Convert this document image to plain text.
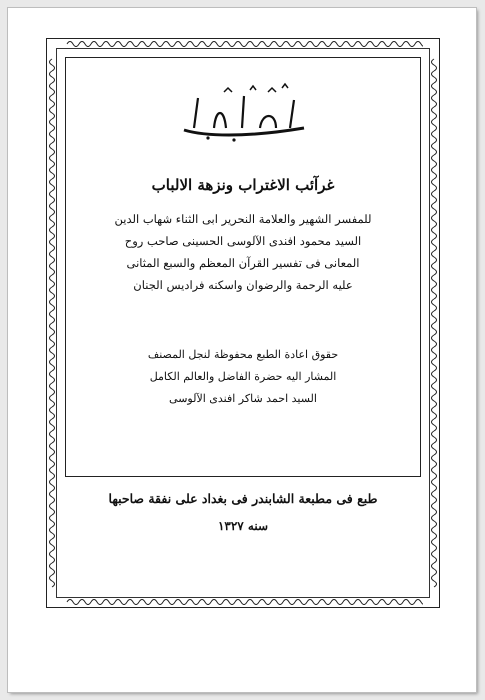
غرآئب الاغتراب ونزهة الالباب
للمفسر الشهير والعلامة النحرير ابى الثناء شهاب الدين
السيد محمود افندى الآلوسى الحسينى صاحب روح
المعانى فى تفسير القرآن المعظم والسبع المثانى
عليه الرحمة والرضوان واسكنه فراديس الجنان
حقوق اعادة الطبع محفوظة لنجل المصنف
المشار اليه حضرة الفاضل والعالم الكامل
السيد احمد شاكر افندى الآلوسى
طبع فى مطبعة الشابندر فى بغداد على نفقة صاحبها
سنه ١٣٢٧
